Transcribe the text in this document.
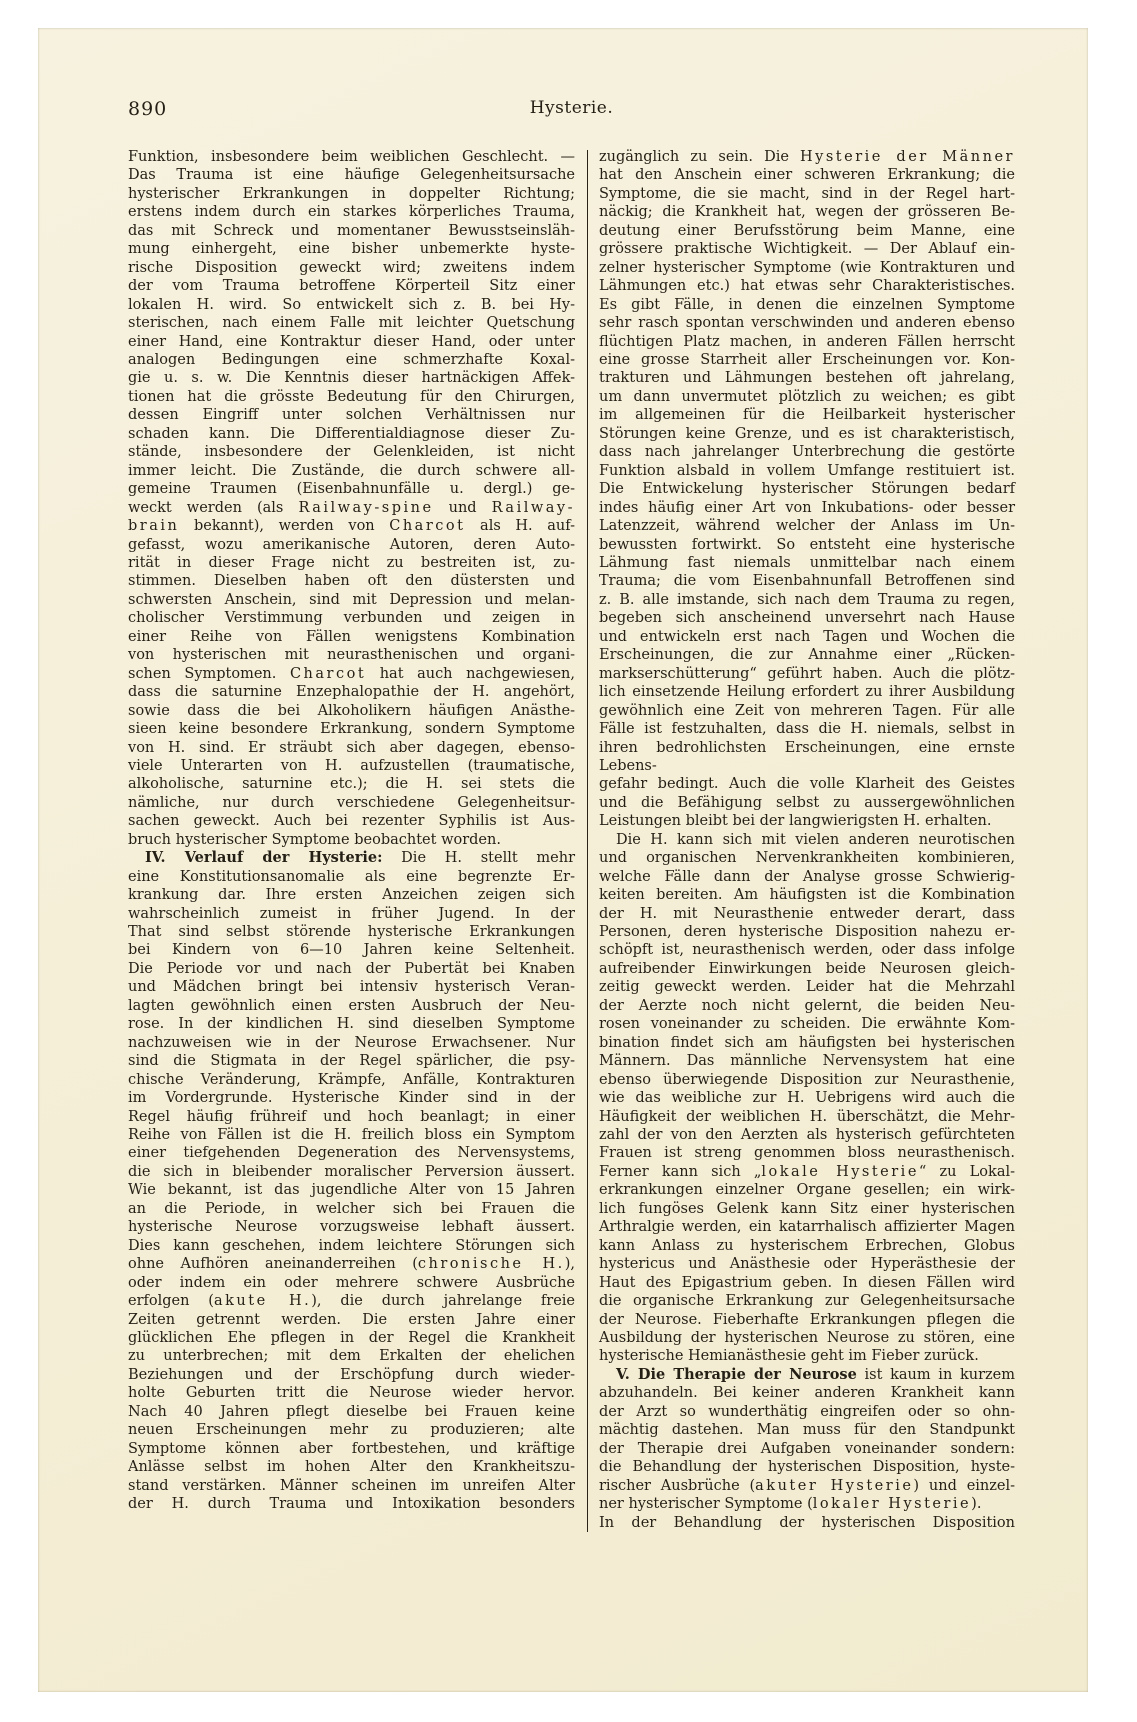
890	Hysterie.
Funktion, insbesondere beim weiblichen Geschlecht. —
Das Trauma ist eine häufige Gelegenheitsursache
hysterischer Erkrankungen in doppelter Richtung;
erstens indem durch ein starkes körperliches Trauma,
das mit Schreck und momentaner Bewusstseinsläh-
mung einhergeht, eine bisher unbemerkte hyste-
rische Disposition geweckt wird; zweitens indem
der vom Trauma betroffene Körperteil Sitz einer
lokalen H. wird. So entwickelt sich z. B. bei Hy-
sterischen, nach einem Falle mit leichter Quetschung
einer Hand, eine Kontraktur dieser Hand, oder unter
analogen Bedingungen eine schmerzhafte Koxal-
gie u. s. w. Die Kenntnis dieser hartnäckigen Affek-
tionen hat die grösste Bedeutung für den Chirurgen,
dessen Eingriff unter solchen Verhältnissen nur
schaden kann. Die Differentialdiagnose dieser Zu-
stände, insbesondere der Gelenkleiden, ist nicht
immer leicht. Die Zustände, die durch schwere all-
gemeine Traumen (Eisenbahnunfälle u. dergl.) ge-
weckt werden (als Railway-spine und Railway-
brain bekannt), werden von Charcot als H. auf-
gefasst, wozu amerikanische Autoren, deren Auto-
rität in dieser Frage nicht zu bestreiten ist, zu-
stimmen. Dieselben haben oft den düstersten und
schwersten Anschein, sind mit Depression und melan-
cholischer Verstimmung verbunden und zeigen in
einer Reihe von Fällen wenigstens Kombination
von hysterischen mit neurasthenischen und organi-
schen Symptomen. Charcot hat auch nachgewiesen,
dass die saturnine Enzephalopathie der H. angehört,
sowie dass die bei Alkoholikern häufigen Anästhe-
sieen keine besondere Erkrankung, sondern Symptome
von H. sind. Er sträubt sich aber dagegen, ebenso-
viele Unterarten von H. aufzustellen (traumatische,
alkoholische, saturnine etc.); die H. sei stets die
nämliche, nur durch verschiedene Gelegenheitsur-
sachen geweckt. Auch bei rezenter Syphilis ist Aus-
bruch hysterischer Symptome beobachtet worden.
IV. Verlauf der Hysterie: Die H. stellt mehr
eine Konstitutionsanomalie als eine begrenzte Er-
krankung dar. Ihre ersten Anzeichen zeigen sich
wahrscheinlich zumeist in früher Jugend. In der
That sind selbst störende hysterische Erkrankungen
bei Kindern von 6—10 Jahren keine Seltenheit.
Die Periode vor und nach der Pubertät bei Knaben
und Mädchen bringt bei intensiv hysterisch Veran-
lagten gewöhnlich einen ersten Ausbruch der Neu-
rose. In der kindlichen H. sind dieselben Symptome
nachzuweisen wie in der Neurose Erwachsener. Nur
sind die Stigmata in der Regel spärlicher, die psy-
chische Veränderung, Krämpfe, Anfälle, Kontrakturen
im Vordergrunde. Hysterische Kinder sind in der
Regel häufig frühreif und hoch beanlagt; in einer
Reihe von Fällen ist die H. freilich bloss ein Symptom
einer tiefgehenden Degeneration des Nervensystems,
die sich in bleibender moralischer Perversion äussert.
Wie bekannt, ist das jugendliche Alter von 15 Jahren
an die Periode, in welcher sich bei Frauen die
hysterische Neurose vorzugsweise lebhaft äussert.
Dies kann geschehen, indem leichtere Störungen sich
ohne Aufhören aneinanderreihen (chronische H.),
oder indem ein oder mehrere schwere Ausbrüche
erfolgen (akute H.), die durch jahrelange freie
Zeiten getrennt werden. Die ersten Jahre einer
glücklichen Ehe pflegen in der Regel die Krankheit
zu unterbrechen; mit dem Erkalten der ehelichen
Beziehungen und der Erschöpfung durch wieder-
holte Geburten tritt die Neurose wieder hervor.
Nach 40 Jahren pflegt dieselbe bei Frauen keine
neuen Erscheinungen mehr zu produzieren; alte
Symptome können aber fortbestehen, und kräftige
Anlässe selbst im hohen Alter den Krankheitszu-
stand verstärken. Männer scheinen im unreifen Alter
der H. durch Trauma und Intoxikation besonders
zugänglich zu sein. Die Hysterie der Männer
hat den Anschein einer schweren Erkrankung; die
Symptome, die sie macht, sind in der Regel hart-
näckig; die Krankheit hat, wegen der grösseren Be-
deutung einer Berufsstörung beim Manne, eine
grössere praktische Wichtigkeit. — Der Ablauf ein-
zelner hysterischer Symptome (wie Kontrakturen und
Lähmungen etc.) hat etwas sehr Charakteristisches.
Es gibt Fälle, in denen die einzelnen Symptome
sehr rasch spontan verschwinden und anderen ebenso
flüchtigen Platz machen, in anderen Fällen herrscht
eine grosse Starrheit aller Erscheinungen vor. Kon-
trakturen und Lähmungen bestehen oft jahrelang,
um dann unvermutet plötzlich zu weichen; es gibt
im allgemeinen für die Heilbarkeit hysterischer
Störungen keine Grenze, und es ist charakteristisch,
dass nach jahrelanger Unterbrechung die gestörte
Funktion alsbald in vollem Umfange restituiert ist.
Die Entwickelung hysterischer Störungen bedarf
indes häufig einer Art von Inkubations- oder besser
Latenzzeit, während welcher der Anlass im Un-
bewussten fortwirkt. So entsteht eine hysterische
Lähmung fast niemals unmittelbar nach einem
Trauma; die vom Eisenbahnunfall Betroffenen sind
z. B. alle imstande, sich nach dem Trauma zu regen,
begeben sich anscheinend unversehrt nach Hause
und entwickeln erst nach Tagen und Wochen die
Erscheinungen, die zur Annahme einer „Rücken-
markserschütterung“ geführt haben. Auch die plötz-
lich einsetzende Heilung erfordert zu ihrer Ausbildung
gewöhnlich eine Zeit von mehreren Tagen. Für alle
Fälle ist festzuhalten, dass die H. niemals, selbst in
ihren bedrohlichsten Erscheinungen, eine ernste Lebens-
gefahr bedingt. Auch die volle Klarheit des Geistes
und die Befähigung selbst zu aussergewöhnlichen
Leistungen bleibt bei der langwierigsten H. erhalten.
Die H. kann sich mit vielen anderen neurotischen
und organischen Nervenkrankheiten kombinieren,
welche Fälle dann der Analyse grosse Schwierig-
keiten bereiten. Am häufigsten ist die Kombination
der H. mit Neurasthenie entweder derart, dass
Personen, deren hysterische Disposition nahezu er-
schöpft ist, neurasthenisch werden, oder dass infolge
aufreibender Einwirkungen beide Neurosen gleich-
zeitig geweckt werden. Leider hat die Mehrzahl
der Aerzte noch nicht gelernt, die beiden Neu-
rosen voneinander zu scheiden. Die erwähnte Kom-
bination findet sich am häufigsten bei hysterischen
Männern. Das männliche Nervensystem hat eine
ebenso überwiegende Disposition zur Neurasthenie,
wie das weibliche zur H. Uebrigens wird auch die
Häufigkeit der weiblichen H. überschätzt, die Mehr-
zahl der von den Aerzten als hysterisch gefürchteten
Frauen ist streng genommen bloss neurasthenisch.
Ferner kann sich „lokale Hysterie“ zu Lokal-
erkrankungen einzelner Organe gesellen; ein wirk-
lich fungöses Gelenk kann Sitz einer hysterischen
Arthralgie werden, ein katarrhalisch affizierter Magen
kann Anlass zu hysterischem Erbrechen, Globus
hystericus und Anästhesie oder Hyperästhesie der
Haut des Epigastrium geben. In diesen Fällen wird
die organische Erkrankung zur Gelegenheitsursache
der Neurose. Fieberhafte Erkrankungen pflegen die
Ausbildung der hysterischen Neurose zu stören, eine
hysterische Hemianästhesie geht im Fieber zurück.
V. Die Therapie der Neurose ist kaum in kurzem
abzuhandeln. Bei keiner anderen Krankheit kann
der Arzt so wunderthätig eingreifen oder so ohn-
mächtig dastehen. Man muss für den Standpunkt
der Therapie drei Aufgaben voneinander sondern:
die Behandlung der hysterischen Disposition, hyste-
rischer Ausbrüche (akuter Hysterie) und einzel-
ner hysterischer Symptome (lokaler Hysterie).
In der Behandlung der hysterischen Disposition
